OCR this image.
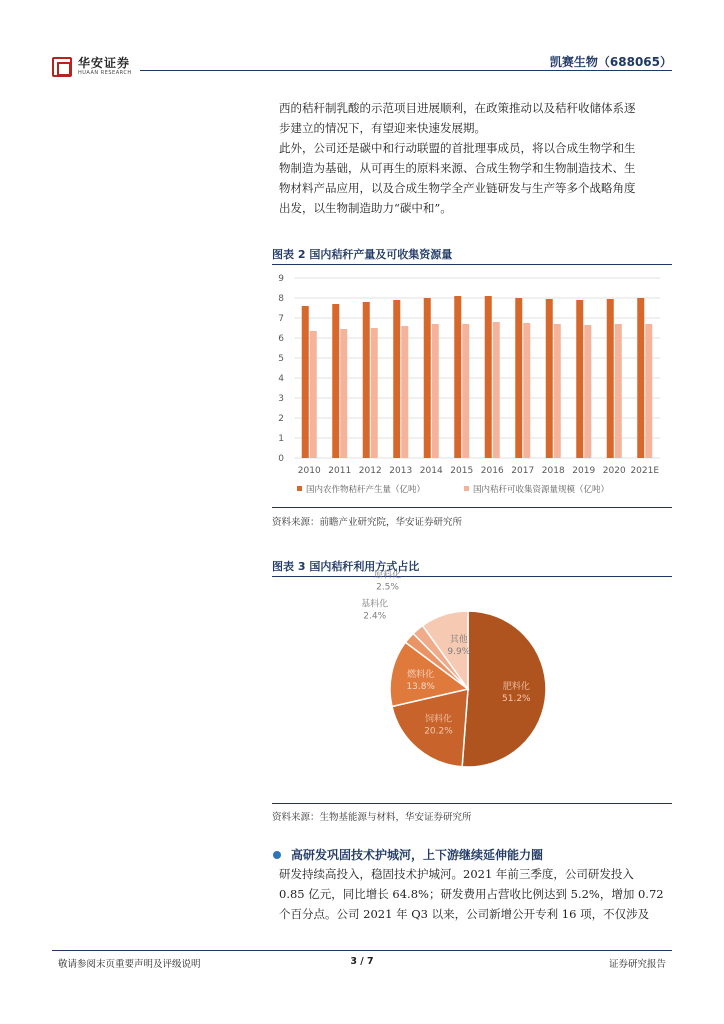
华安证券
HUAAN RESEARCH
凯赛生物（688065）
西的秸秆制乳酸的示范项目进展顺利，在政策推动以及秸秆收储体系逐
步建立的情况下，有望迎来快速发展期。
此外，公司还是碳中和行动联盟的首批理事成员，将以合成生物学和生
物制造为基础，从可再生的原料来源、合成生物学和生物制造技术、生
物材料产品应用，以及合成生物学全产业链研发与生产等多个战略角度
出发，以生物制造助力“碳中和”。
图表 2 国内秸秆产量及可收集资源量
0
1
2
3
4
5
6
7
8
9
2010 2011 2012 2013 2014 2015 2016 2017 2018 2019 2020 2021E
国内农作物秸秆产生量（亿吨）	国内秸秆可收集资源量规模（亿吨）
资料来源：前瞻产业研究院，华安证券研究所
图表 3 国内秸秆利用方式占比
肥料化
51.2%
饲料化
20.2%
燃料化
13.8%
基料化
2.4%
原料化
2.5%
其他
9.9%
资料来源：生物基能源与材料，华安证券研究所
高研发巩固技术护城河，上下游继续延伸能力圈
研发持续高投入，稳固技术护城河。2021 年前三季度，公司研发投入
0.85 亿元，同比增长 64.8%；研发费用占营收比例达到 5.2%，增加 0.72
个百分点。公司 2021 年 Q3 以来，公司新增公开专利 16 项，不仅涉及
敬请参阅末页重要声明及评级说明	3 / 7	证券研究报告
